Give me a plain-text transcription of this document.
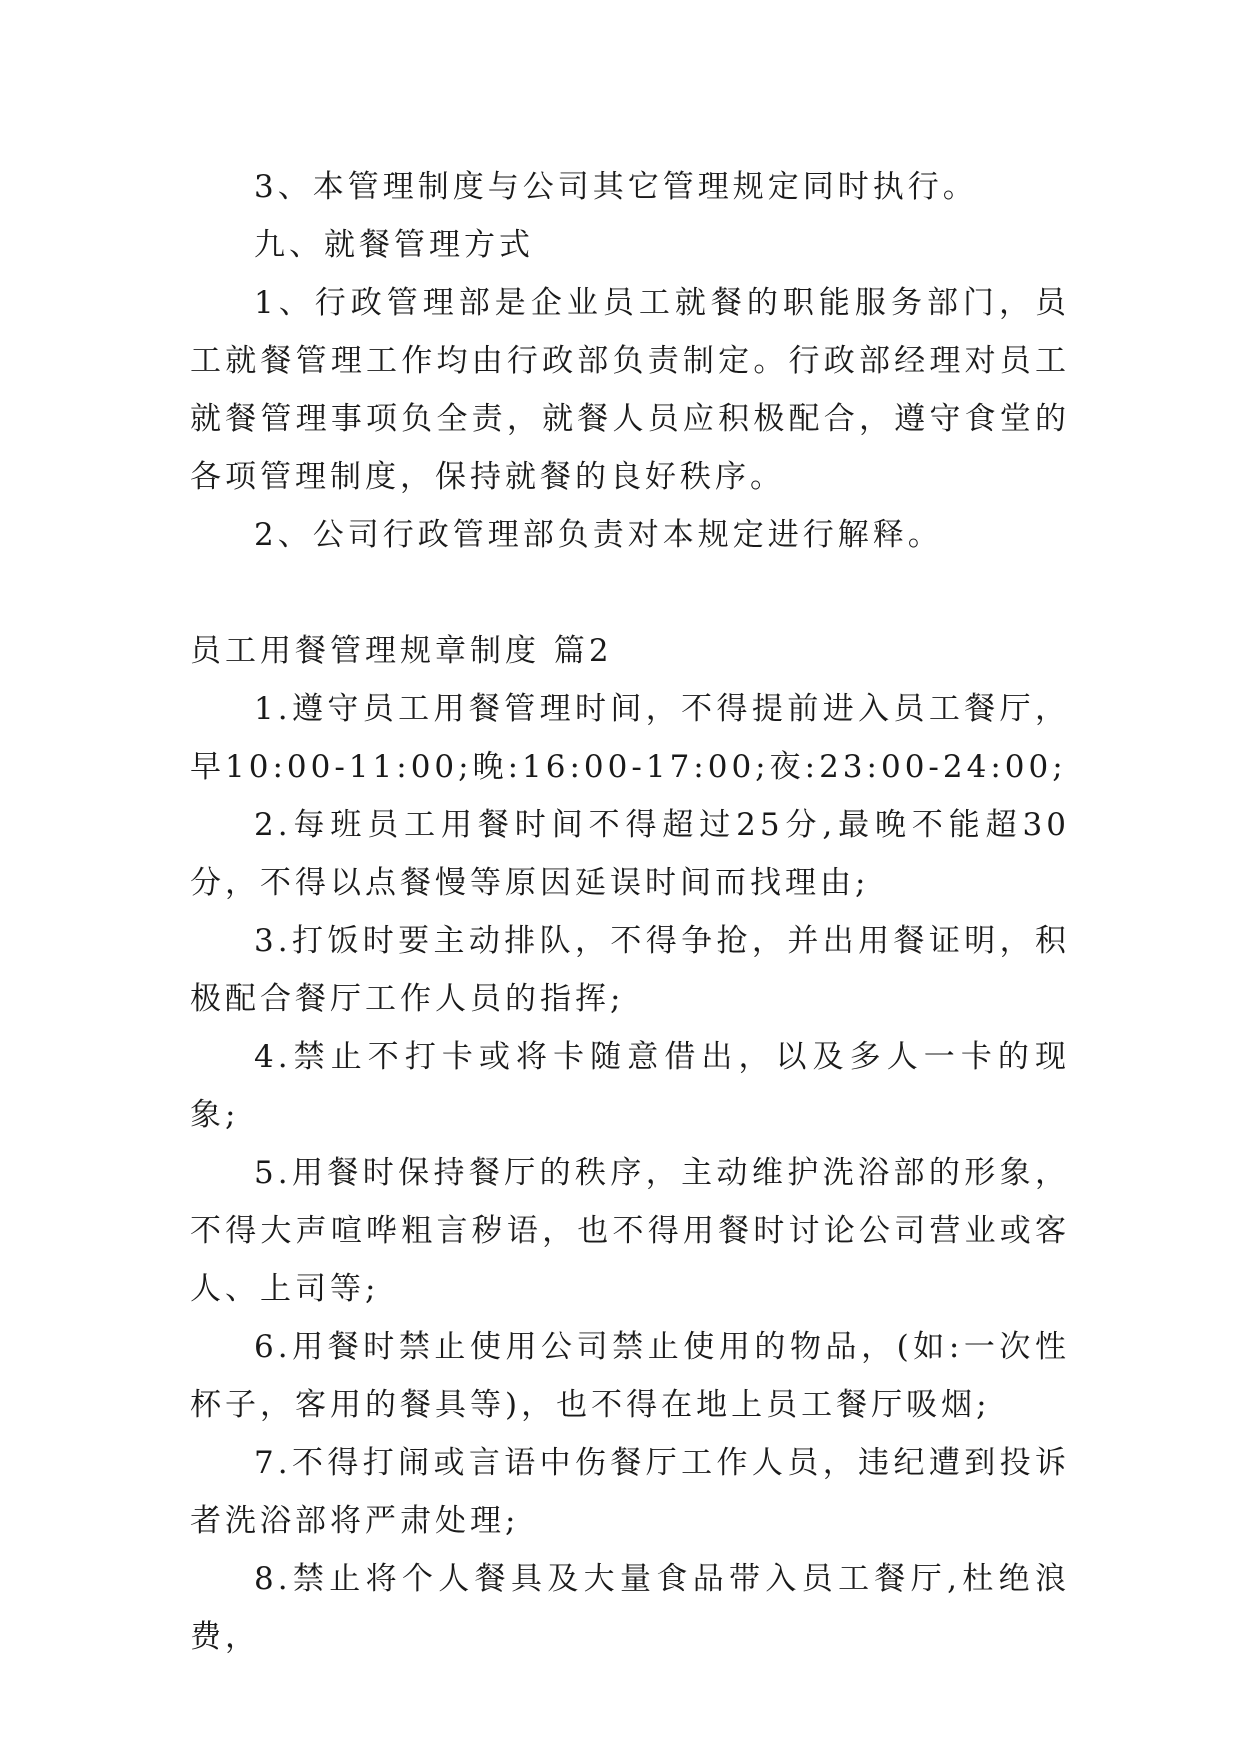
3、本管理制度与公司其它管理规定同时执行。

九、就餐管理方式

1、行政管理部是企业员工就餐的职能服务部门，员工就餐管理工作均由行政部负责制定。行政部经理对员工就餐管理事项负全责，就餐人员应积极配合，遵守食堂的各项管理制度，保持就餐的良好秩序。

2、公司行政管理部负责对本规定进行解释。

员工用餐管理规章制度 篇2

1.遵守员工用餐管理时间，不得提前进入员工餐厅，早10:00-11:00;晚:16:00-17:00;夜:23:00-24:00;

2.每班员工用餐时间不得超过25分,最晚不能超30分，不得以点餐慢等原因延误时间而找理由;

3.打饭时要主动排队，不得争抢，并出用餐证明，积极配合餐厅工作人员的指挥;

4.禁止不打卡或将卡随意借出，以及多人一卡的现象;

5.用餐时保持餐厅的秩序，主动维护洗浴部的形象，不得大声喧哗粗言秽语，也不得用餐时讨论公司营业或客人、上司等;

6.用餐时禁止使用公司禁止使用的物品，(如:一次性杯子，客用的餐具等)，也不得在地上员工餐厅吸烟;

7.不得打闹或言语中伤餐厅工作人员，违纪遭到投诉者洗浴部将严肃处理;

8.禁止将个人餐具及大量食品带入员工餐厅,杜绝浪费，
